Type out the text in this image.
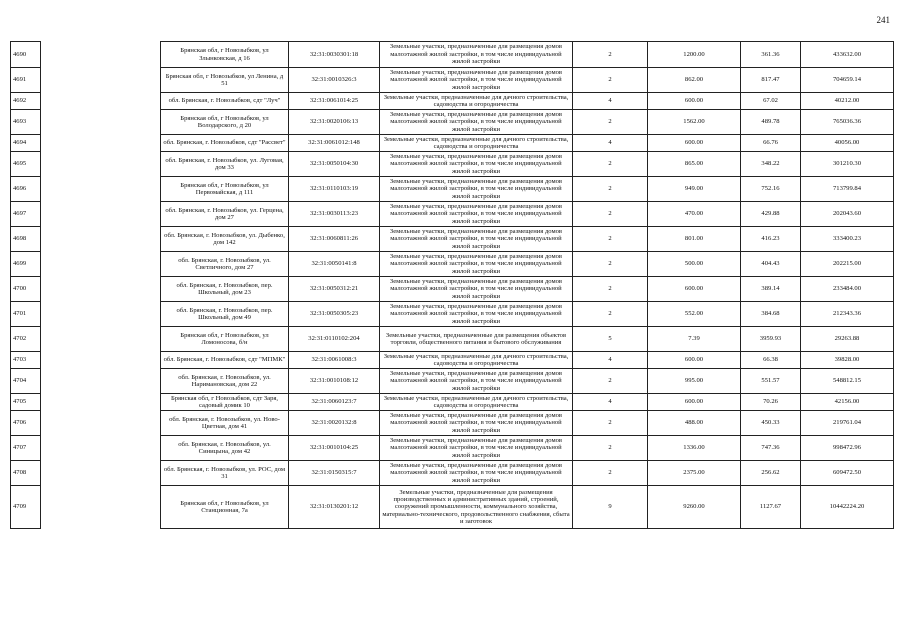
241
4690		Брянская обл, г Новозыбков, ул Злынковская, д 16	32:31:0030301:18	Земельные участки, предназначенные для размещения домов малоэтажной жилой застройки, в том числе индивидуальной жилой застройки	2	1200.00	361.36	433632.00
4691		Брянская обл, г Новозыбков, ул Ленина, д 51	32:31:0010326:3	Земельные участки, предназначенные для размещения домов малоэтажной жилой застройки, в том числе индивидуальной жилой застройки	2	862.00	817.47	704659.14
4692		обл. Брянская, г. Новозыбков, сдт "Луч"	32:31:0061014:25	Земельные участки, предназначенные для дачного строительства, садоводства и огородничества	4	600.00	67.02	40212.00
4693		Брянская обл, г Новозыбков, ул Володарского, д 20	32:31:0020106:13	Земельные участки, предназначенные для размещения домов малоэтажной жилой застройки, в том числе индивидуальной жилой застройки	2	1562.00	489.78	765036.36
4694		обл. Брянская, г. Новозыбков, сдт "Рассвет"	32:31:0061012:148	Земельные участки, предназначенные для дачного строительства, садоводства и огородничества	4	600.00	66.76	40056.00
4695		обл. Брянская, г. Новозыбков, ул. Луговая, дом 33	32:31:0050104:30	Земельные участки, предназначенные для размещения домов малоэтажной жилой застройки, в том числе индивидуальной жилой застройки	2	865.00	348.22	301210.30
4696		Брянская обл, г Новозыбков, ул Первомайская, д 111	32:31:0110103:19	Земельные участки, предназначенные для размещения домов малоэтажной жилой застройки, в том числе индивидуальной жилой застройки	2	949.00	752.16	713799.84
4697		обл. Брянская, г. Новозыбков, ул. Герцена, дом 27	32:31:0030113:23	Земельные участки, предназначенные для размещения домов малоэтажной жилой застройки, в том числе индивидуальной жилой застройки	2	470.00	429.88	202043.60
4698		обл. Брянская, г. Новозыбков, ул. Дыбенко, дом 142	32:31:0060811:26	Земельные участки, предназначенные для размещения домов малоэтажной жилой застройки, в том числе индивидуальной жилой застройки	2	801.00	416.23	333400.23
4699		обл. Брянская, г. Новозыбков, ул. Светличного, дом 27	32:31:0050141:8	Земельные участки, предназначенные для размещения домов малоэтажной жилой застройки, в том числе индивидуальной жилой застройки	2	500.00	404.43	202215.00
4700		обл. Брянская, г. Новозыбков, пер. Школьный, дом 23	32:31:0050312:21	Земельные участки, предназначенные для размещения домов малоэтажной жилой застройки, в том числе индивидуальной жилой застройки	2	600.00	389.14	233484.00
4701		обл. Брянская, г. Новозыбков, пер. Школьный, дом 49	32:31:0050305:23	Земельные участки, предназначенные для размещения домов малоэтажной жилой застройки, в том числе индивидуальной жилой застройки	2	552.00	384.68	212343.36
4702		Брянская обл, г Новозыбков, ул Ломоносова, б/н	32:31:0110102:204	Земельные участки, предназначенные для размещения объектов торговли, общественного питания и бытового обслуживания	5	7.39	3959.93	29263.88
4703		обл. Брянская, г. Новозыбков, сдт "МПМК"	32:31:0061008:3	Земельные участки, предназначенные для дачного строительства, садоводства и огородничества	4	600.00	66.38	39828.00
4704		обл. Брянская, г. Новозыбков, ул. Наримановская, дом 22	32:31:0010108:12	Земельные участки, предназначенные для размещения домов малоэтажной жилой застройки, в том числе индивидуальной жилой застройки	2	995.00	551.57	548812.15
4705		Брянская обл, г Новозыбков, сдт Заря, садовый домик 10	32:31:0060123:7	Земельные участки, предназначенные для дачного строительства, садоводства и огородничества	4	600.00	70.26	42156.00
4706		обл. Брянская, г. Новозыбков, ул. Ново-Цветная, дом 41	32:31:0020132:8	Земельные участки, предназначенные для размещения домов малоэтажной жилой застройки, в том числе индивидуальной жилой застройки	2	488.00	450.33	219761.04
4707		обл. Брянская, г. Новозыбков, ул. Синицына, дом 42	32:31:0010104:25	Земельные участки, предназначенные для размещения домов малоэтажной жилой застройки, в том числе индивидуальной жилой застройки	2	1336.00	747.36	998472.96
4708		обл. Брянская, г. Новозыбков, ул. РОС, дом 31	32:31:0150315:7	Земельные участки, предназначенные для размещения домов малоэтажной жилой застройки, в том числе индивидуальной жилой застройки	2	2375.00	256.62	609472.50
4709		Брянская обл, г Новозыбков, ул Станционная, 7а	32:31:0130201:12	Земельные участки, предназначенные для размещения производственных и административных зданий, строений, сооружений промышленности, коммунального хозяйства, материально-технического, продовольственного снабжения, сбыта и заготовок	9	9260.00	1127.67	10442224.20
